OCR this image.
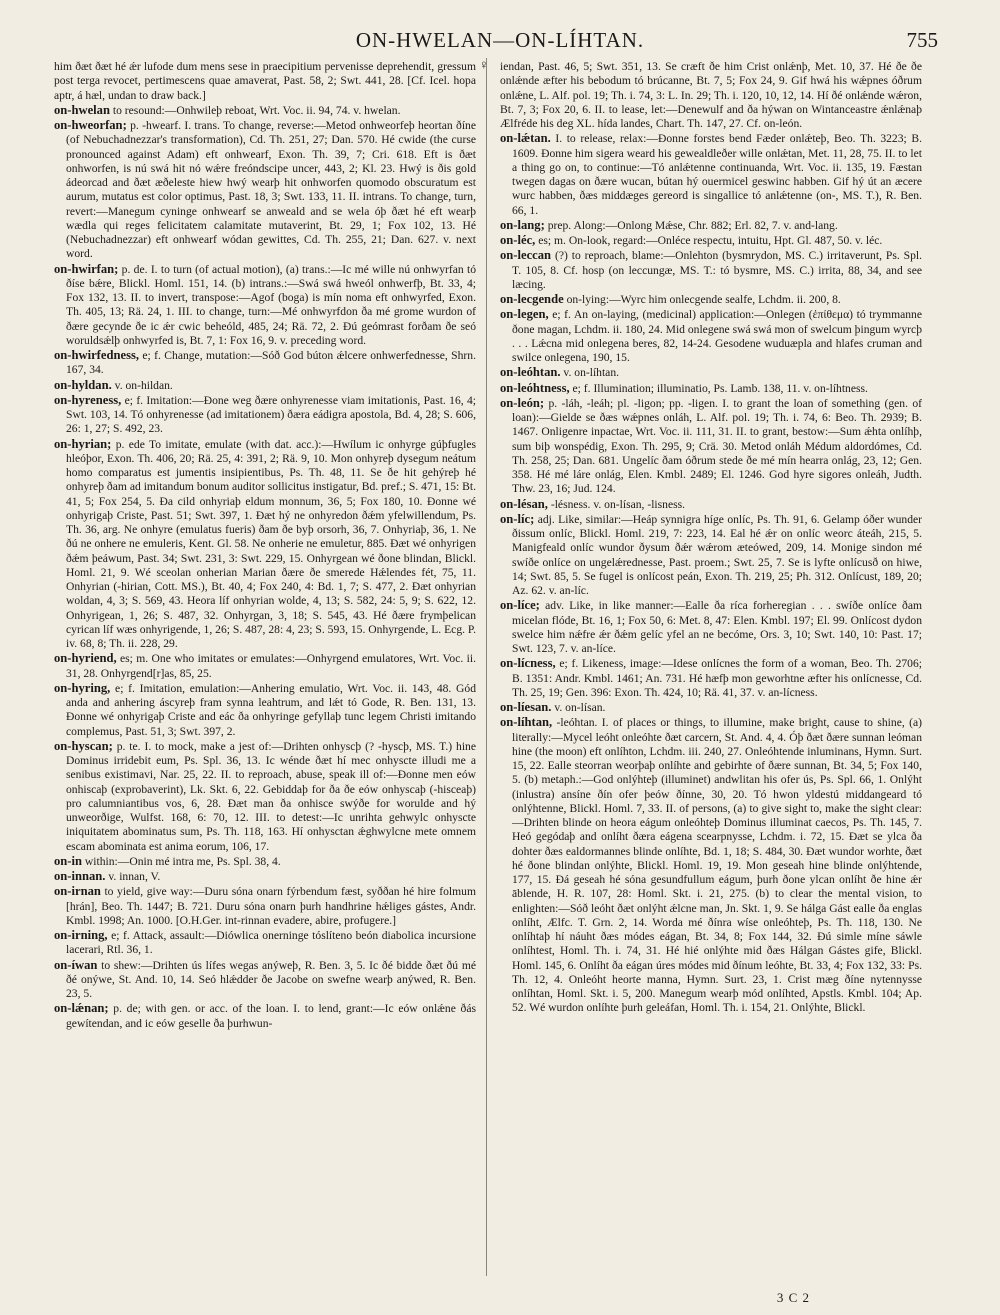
ON-HWELAN—ON-LÍHTAN.	755
♀

him ðæt ðæt hé ǽr lufode dum mens sese in praecipitium pervenisse deprehendit, gressum post terga revocet, pertimescens quae amaverat, Past. 58, 2; Swt. 441, 28. [Cf. Icel. hopa aptr, á hæl, undan to draw back.]

on-hwelan to resound:—Onhwileþ reboat, Wrt. Voc. ii. 94, 74. v. hwelan.

on-hweorfan; p. -hwearf. I. trans. To change, reverse:—Metod onhweorfeþ heortan ðíne (of Nebuchadnezzar's transformation), Cd. Th. 251, 27; Dan. 570. Hé cwide (the curse pronounced against Adam) eft onhwearf, Exon. Th. 39, 7; Cri. 618. Eft is ðæt onhworfen, is nú swá hit nó wǽre freóndscipe uncer, 443, 2; Kl. 23. Hwý is ðis gold ádeorcad and ðæt æðeleste hiew hwý wearþ hit onhworfen quomodo obscuratum est aurum, mutatus est color optimus, Past. 18, 3; Swt. 133, 11. II. intrans. To change, turn, revert:—Manegum cyninge onhwearf se anweald and se wela óþ ðæt hé eft wearþ wædla qui reges felicitatem calamitate mutaverint, Bt. 29, 1; Fox 102, 13. Hé (Nebuchadnezzar) eft onhwearf wódan gewittes, Cd. Th. 255, 21; Dan. 627. v. next word.

on-hwirfan; p. de. I. to turn (of actual motion), (a) trans.:—Ic mé wille nú onhwyrfan tó ðíse bǽre, Blickl. Homl. 151, 14. (b) intrans.:—Swá swá hweól onhwerfþ, Bt. 33, 4; Fox 132, 13. II. to invert, transpose:—Agof (boga) is mín noma eft onhwyrfed, Exon. Th. 405, 13; Rä. 24, 1. III. to change, turn:—Mé onhwyrfdon ða mé grome wurdon of ðære gecynde ðe ic ǽr cwic beheóld, 485, 24; Rä. 72, 2. Ðú geómrast forðam ðe seó woruldsǽlþ onhwyrfed is, Bt. 7, 1: Fox 16, 9. v. preceding word.

on-hwirfedness, e; f. Change, mutation:—Sóð God búton ǽlcere onhwerfednesse, Shrn. 167, 34.

on-hyldan. v. on-hildan.

on-hyreness, e; f. Imitation:—Ðone weg ðære onhyrenesse viam imitationis, Past. 16, 4; Swt. 103, 14. Tó onhyrenesse (ad imitationem) ðæra eádigra apostola, Bd. 4, 28; S. 606, 26: 1, 27; S. 492, 23.

on-hyrian; p. ede To imitate, emulate (with dat. acc.):—Hwílum ic onhyrge gúþfugles hleóþor, Exon. Th. 406, 20; Rä. 25, 4: 391, 2; Rä. 9, 10. Mon onhyreþ dysegum neátum homo comparatus est jumentis insipientibus, Ps. Th. 48, 11. Se ðe hit gehýreþ hé onhyreþ ðam ad imitandum bonum auditor sollicitus instigatur, Bd. pref.; S. 471, 15: Bt. 41, 5; Fox 254, 5. Ða cild onhyriaþ eldum monnum, 36, 5; Fox 180, 10. Ðonne wé onhyrigaþ Criste, Past. 51; Swt. 397, 1. Ðæt hý ne onhyredon ðǽm yfelwillendum, Ps. Th. 36, arg. Ne onhyre (emulatus fueris) ðam ðe byþ orsorh, 36, 7. Onhyriaþ, 36, 1. Ne ðú ne onhere ne emuleris, Kent. Gl. 58. Ne onherie ne emuletur, 885. Ðæt wé onhyrigen ðǽm þeáwum, Past. 34; Swt. 231, 3: Swt. 229, 15. Onhyrgean wé ðone blindan, Blickl. Homl. 21, 9. Wé sceolan onherian Marian ðære ðe smerede Hǽlendes fét, 75, 11. Onhyrian (-hirian, Cott. MS.), Bt. 40, 4; Fox 240, 4: Bd. 1, 7; S. 477, 2. Ðæt onhyrian woldan, 4, 3; S. 569, 43. Heora líf onhyrian wolde, 4, 13; S. 582, 24: 5, 9; S. 622, 12. Onhyrigean, 1, 26; S. 487, 32. Onhyrgan, 3, 18; S. 545, 43. Hé ðære frymþelican cyrican líf wæs onhyrigende, 1, 26; S. 487, 28: 4, 23; S. 593, 15. Onhyrgende, L. Ecg. P. iv. 68, 8; Th. ii. 228, 29.

on-hyriend, es; m. One who imitates or emulates:—Onhyrgend emulatores, Wrt. Voc. ii. 31, 28. Onhyrgend[r]as, 85, 25.

on-hyring, e; f. Imitation, emulation:—Anhering emulatio, Wrt. Voc. ii. 143, 48. Gód anda and anhering áscyreþ fram synna leahtrum, and lǽt tó Gode, R. Ben. 131, 13. Ðonne wé onhyrigaþ Criste and eác ða onhyringe gefyllaþ tunc legem Christi imitando complemus, Past. 51, 3; Swt. 397, 2.

on-hyscan; p. te. I. to mock, make a jest of:—Drihten onhyscþ (? -hyscþ, MS. T.) hine Dominus irridebit eum, Ps. Spl. 36, 13. Ic wénde ðæt hí mec onhyscte illudi me a senibus existimavi, Nar. 25, 22. II. to reproach, abuse, speak ill of:—Ðonne men eów onhiscaþ (exprobaverint), Lk. Skt. 6, 22. Gebiddaþ for ða ðe eów onhyscaþ (-hisceaþ) pro calumniantibus vos, 6, 28. Ðæt man ða onhisce swýðe for worulde and hý unweorðige, Wulfst. 168, 6: 70, 12. III. to detest:—Ic unrihta gehwylc onhyscte iniquitatem abominatus sum, Ps. Th. 118, 163. Hí onhysctan ǽghwylcne mete omnem escam abominata est anima eorum, 106, 17.

on-in within:—Onin mé intra me, Ps. Spl. 38, 4.

on-innan. v. innan, V.

on-irnan to yield, give way:—Duru sóna onarn fýrbendum fæst, syððan hé hire folmum [hrán], Beo. Th. 1447; B. 721. Duru sóna onarn þurh handhrine hǽliges gástes, Andr. Kmbl. 1998; An. 1000. [O.H.Ger. int-rinnan evadere, abire, profugere.]

on-irning, e; f. Attack, assault:—Diówlica onerninge tóslíteno beón diabolica incursione lacerari, Rtl. 36, 1.

on-íwan to shew:—Drihten ús lífes wegas anýweþ, R. Ben. 3, 5. Ic ðé bidde ðæt ðú mé ðé onýwe, St. And. 10, 14. Seó hlǽdder ðe Jacobe on swefne wearþ anýwed, R. Ben. 23, 5.

on-lǽnan; p. de; with gen. or acc. of the loan. I. to lend, grant:—Ic eów onlǽne ðás gewítendan, and ic eów geselle ða þurhwun-

iendan, Past. 46, 5; Swt. 351, 13. Se cræft ðe him Crist onlǽnþ, Met. 10, 37. Hé ðe ðe onlǽnde æfter his bebodum tó brúcanne, Bt. 7, 5; Fox 24, 9. Gif hwá his wǽpnes óðrum onlǽne, L. Alf. pol. 19; Th. i. 74, 3: L. In. 29; Th. i. 120, 10, 12, 14. Hí ðé onlǽnde wǽron, Bt. 7, 3; Fox 20, 6. II. to lease, let:—Denewulf and ða hýwan on Wintanceastre ǽnlǽnaþ Ælfréde his deg XL. hída landes, Chart. Th. 147, 27. Cf. on-león.

on-lǽtan. I. to release, relax:—Ðonne forstes bend Fæder onlǽteþ, Beo. Th. 3223; B. 1609. Ðonne him sigera weard his gewealdleðer wille onlǽtan, Met. 11, 28, 75. II. to let a thing go on, to continue:—Tó anlǽtenne continuanda, Wrt. Voc. ii. 135, 19. Fæstan twegen dagas on ðære wucan, bútan hý ouermicel geswinc habben. Gif hý út an æcere wurc habben, ðæs middæges gereord is singallice tó anlǽtenne (on-, MS. T.), R. Ben. 66, 1.

on-lang; prep. Along:—Onlong Mǽse, Chr. 882; Erl. 82, 7. v. and-lang.

on-léc, es; m. On-look, regard:—Onléce respectu, intuitu, Hpt. Gl. 487, 50. v. léc.

on-leccan (?) to reproach, blame:—Onlehton (bysmrydon, MS. C.) irritaverunt, Ps. Spl. T. 105, 8. Cf. hosp (on leccungæ, MS. T.: tó bysmre, MS. C.) irrita, 88, 34, and see læcing.

on-lecgende on-lying:—Wyrc him onlecgende sealfe, Lchdm. ii. 200, 8.

on-legen, e; f. An on-laying, (medicinal) application:—Onlegen (ἐπίθεμα) tó trymmanne ðone magan, Lchdm. ii. 180, 24. Mid onlegene swá swá mon of swelcum þingum wyrcþ . . . Lǽcna mid onlegena beres, 82, 14-24. Gesodene wuduæpla and hlafes cruman and swilce onlegena, 190, 15.

on-leóhtan. v. on-líhtan.

on-leóhtness, e; f. Illumination; illuminatio, Ps. Lamb. 138, 11. v. on-líhtness.

on-león; p. -láh, -leáh; pl. -ligon; pp. -ligen. I. to grant the loan of something (gen. of loan):—Gielde se ðæs wǽpnes onláh, L. Alf. pol. 19; Th. i. 74, 6: Beo. Th. 2939; B. 1467. Onligenre inpactae, Wrt. Voc. ii. 111, 31. II. to grant, bestow:—Sum ǽhta onlíhþ, sum biþ wonspédig, Exon. Th. 295, 9; Crä. 30. Metod onláh Médum aldordómes, Cd. Th. 258, 25; Dan. 681. Ungelíc ðam óðrum stede ðe mé mín hearra onlág, 23, 12; Gen. 358. Hé mé láre onlág, Elen. Kmbl. 2489; El. 1246. God hyre sigores onleáh, Judth. Thw. 23, 16; Jud. 124.

on-lésan, -lésness. v. on-lísan, -lisness.

on-líc; adj. Like, similar:—Heáp synnigra híge onlíc, Ps. Th. 91, 6. Gelamp óðer wunder ðissum onlíc, Blickl. Homl. 219, 7: 223, 14. Eal hé ǽr on onlíc weorc áteáh, 215, 5. Manigfeald onlíc wundor ðysum ðǽr wǽrom æteówed, 209, 14. Monige sindon mé swíðe onlíce on ungelǽrednesse, Past. proem.; Swt. 25, 7. Se is lyfte onlícusð on hiwe, 14; Swt. 85, 5. Se fugel is onlícost peán, Exon. Th. 219, 25; Ph. 312. Onlícust, 189, 20; Az. 62. v. an-líc.

on-líce; adv. Like, in like manner:—Ealle ða ríca forheregian . . . swíðe onlíce ðam micelan flóde, Bt. 16, 1; Fox 50, 6: Met. 8, 47: Elen. Kmbl. 197; El. 99. Onlícost dydon swelce him nǽfre ǽr ðǽm gelíc yfel an ne becóme, Ors. 3, 10; Swt. 140, 10: Past. 17; Swt. 123, 7. v. an-líce.

on-lícness, e; f. Likeness, image:—Idese onlícnes the form of a woman, Beo. Th. 2706; B. 1351: Andr. Kmbl. 1461; An. 731. Hé hæfþ mon geworhtne æfter his onlícnesse, Cd. Th. 25, 19; Gen. 396: Exon. Th. 424, 10; Rä. 41, 37. v. an-lícness.

on-líesan. v. on-lísan.

on-líhtan, -leóhtan. I. of places or things, to illumine, make bright, cause to shine, (a) literally:—Mycel leóht onleóhte ðæt carcern, St. And. 4, 4. Óþ ðæt ðære sunnan leóman hine (the moon) eft onlíhton, Lchdm. iii. 240, 27. Onleóhtende inluminans, Hymn. Surt. 15, 22. Ealle steorran weorþaþ onlíhte and gebirhte of ðære sunnan, Bt. 34, 5; Fox 140, 5. (b) metaph.:—God onlýhteþ (illuminet) andwlitan his ofer ús, Ps. Spl. 66, 1. Onlýht (inlustra) ansíne ðín ofer þeów ðínne, 30, 20. Tó hwon yldestú middangeard tó onlýhtenne, Blickl. Homl. 7, 33. II. of persons, (a) to give sight to, make the sight clear:—Drihten blinde on heora eágum onleóhteþ Dominus illuminat caecos, Ps. Th. 145, 7. Heó gegódaþ and onlíht ðæra eágena scearpnysse, Lchdm. i. 72, 15. Ðæt se ylca ða dohter ðæs ealdormannes blinde onlíhte, Bd. 1, 18; S. 484, 30. Ðæt wundor worhte, ðæt hé ðone blindan onlýhte, Blickl. Homl. 19, 19. Mon geseah hine blinde onlýhtende, 177, 15. Ðá geseah hé sóna gesundfullum eágum, þurh ðone ylcan onlíht ðe hine ǽr āblende, H. R. 107, 28: Homl. Skt. i. 21, 275. (b) to clear the mental vision, to enlighten:—Sóð leóht ðæt onlýht ǽlcne man, Jn. Skt. 1, 9. Se hálga Gást ealle ða englas onlíht, Ælfc. T. Grn. 2, 14. Worda mé ðínra wíse onleóhteþ, Ps. Th. 118, 130. Ne onlíhtaþ hí náuht ðæs módes eágan, Bt. 34, 8; Fox 144, 32. Ðú simle míne sáwle onlíhtest, Homl. Th. i. 74, 31. Hé hié onlýhte mid ðæs Hálgan Gástes gife, Blickl. Homl. 145, 6. Onlíht ða eágan úres módes mid ðínum leóhte, Bt. 33, 4; Fox 132, 33: Ps. Th. 12, 4. Onleóht heorte manna, Hymn. Surt. 23, 1. Crist mæg ðíne nytennysse onlíhtan, Homl. Skt. i. 5, 200. Manegum wearþ mód onlíhted, Apstls. Kmbl. 104; Ap. 52. Wé wurdon onlíhte þurh geleáfan, Homl. Th. i. 154, 21. Onlýhte, Blickl.

3 C 2
